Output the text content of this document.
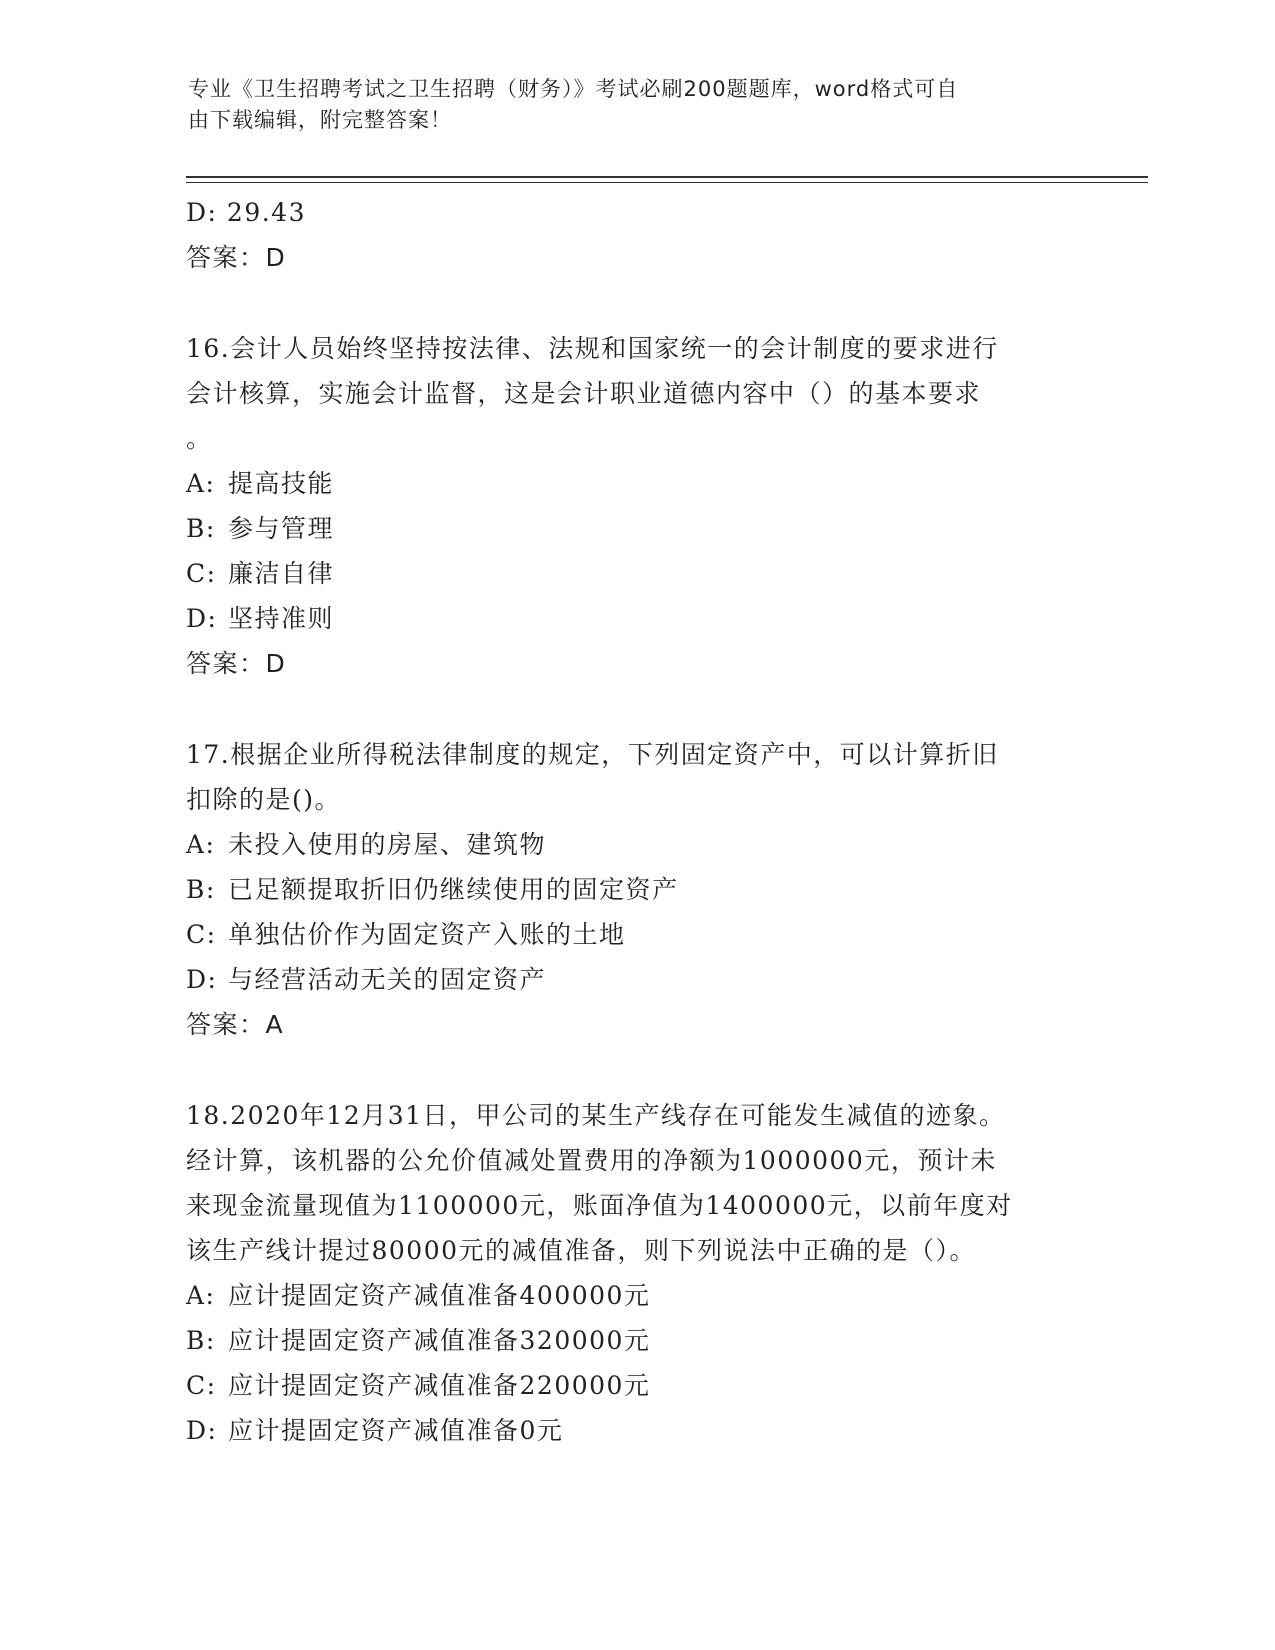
专业《卫生招聘考试之卫生招聘（财务）》考试必刷200题题库，word格式可自
由下载编辑，附完整答案！
D: 29.43
答案：D
16.会计人员始终坚持按法律、法规和国家统一的会计制度的要求进行
会计核算，实施会计监督，这是会计职业道德内容中（）的基本要求
。
A: 提高技能
B: 参与管理
C: 廉洁自律
D: 坚持准则
答案：D
17.根据企业所得税法律制度的规定，下列固定资产中，可以计算折旧
扣除的是()。
A: 未投入使用的房屋、建筑物
B: 已足额提取折旧仍继续使用的固定资产
C: 单独估价作为固定资产入账的土地
D: 与经营活动无关的固定资产
答案：A
18.2020年12月31日，甲公司的某生产线存在可能发生减值的迹象。
经计算，该机器的公允价值减处置费用的净额为1000000元，预计未
来现金流量现值为1100000元，账面净值为1400000元，以前年度对
该生产线计提过80000元的减值准备，则下列说法中正确的是（）。
A: 应计提固定资产减值准备400000元
B: 应计提固定资产减值准备320000元
C: 应计提固定资产减值准备220000元
D: 应计提固定资产减值准备0元
